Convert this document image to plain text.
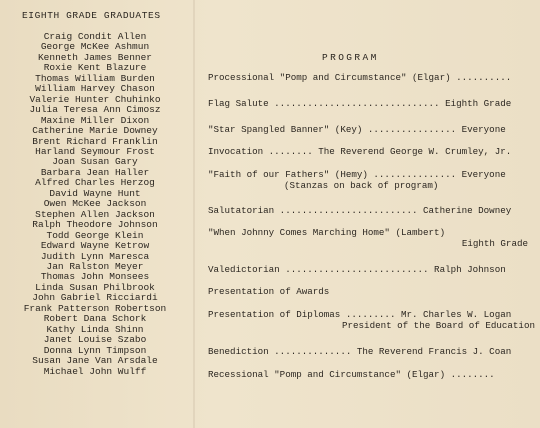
EIGHTH GRADE GRADUATES
Craig Condit Allen
George McKee Ashmun
Kenneth James Benner
Roxie Kent Blazure
Thomas William Burden
William Harvey Chason
Valerie Hunter Chuhinko
Julia Teresa Ann Cimosz
Maxine Miller Dixon
Catherine Marie Downey
Brent Richard Franklin
Harland Seymour Frost
Joan Susan Gary
Barbara Jean Haller
Alfred Charles Herzog
David Wayne Hunt
Owen McKee Jackson
Stephen Allen Jackson
Ralph Theodore Johnson
Todd George Klein
Edward Wayne Ketrow
Judith Lynn Maresca
Jan Ralston Meyer
Thomas John Monsees
Linda Susan Philbrook
John Gabriel Ricciardi
Frank Patterson Robertson
Robert Dana Schork
Kathy Linda Shinn
Janet Louise Szabo
Donna Lynn Timpson
Susan Jane Van Arsdale
Michael John Wulff
PROGRAM
Processional "Pomp and Circumstance" (Elgar) ..........
Flag Salute .............................. Eighth Grade
"Star Spangled Banner" (Key) ................ Everyone
Invocation ........ The Reverend George W. Crumley, Jr.
"Faith of our Fathers" (Hemy) ............... Everyone
(Stanzas on back of program)
Salutatorian ......................... Catherine Downey
"When Johnny Comes Marching Home" (Lambert)
Eighth Grade
Valedictorian .......................... Ralph Johnson
Presentation of Awards
Presentation of Diplomas ......... Mr. Charles W. Logan
President of the Board of Education
Benediction .............. The Reverend Francis J. Coan
Recessional "Pomp and Circumstance" (Elgar) ........
